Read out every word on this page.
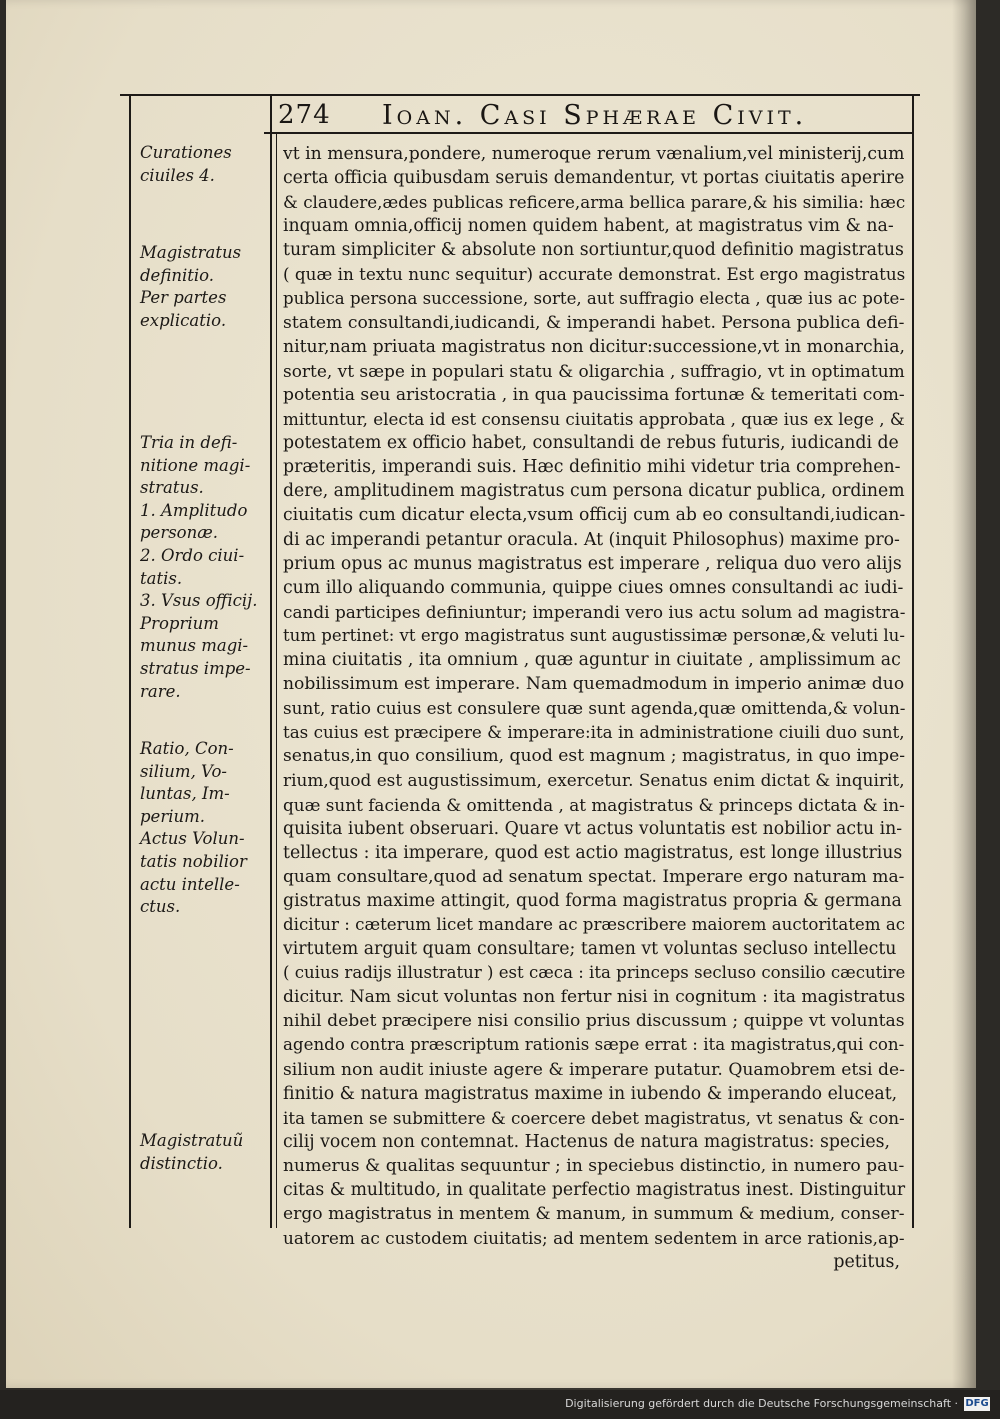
274 Ioan. Casi Sphærae Civit.
Curationes
ciuiles 4.
Magistratus
definitio.
Per partes
explicatio.
Tria in defi-
nitione magi-
stratus.
1. Amplitudo
personæ.
2. Ordo ciui-
tatis.
3. Vsus officij.
Proprium
munus magi-
stratus impe-
rare.
Ratio, Con-
silium, Vo-
luntas, Im-
perium.
Actus Volun-
tatis nobilior
actu intelle-
ctus.
Magistratuũ
distinctio.
vt in mensura,pondere, numeroque rerum vænalium,vel ministerij,cum
certa officia quibusdam seruis demandentur, vt portas ciuitatis aperire
& claudere,ædes publicas reficere,arma bellica parare,& his similia: hæc
inquam omnia,officij nomen quidem habent, at magistratus vim & na-
turam simpliciter & absolute non sortiuntur,quod definitio magistratus
( quæ in textu nunc sequitur) accurate demonstrat. Est ergo magistratus
publica persona successione, sorte, aut suffragio electa , quæ ius ac pote-
statem consultandi,iudicandi, & imperandi habet. Persona publica defi-
nitur,nam priuata magistratus non dicitur:successione,vt in monarchia,
sorte, vt sæpe in populari statu & oligarchia , suffragio, vt in optimatum
potentia seu aristocratia , in qua paucissima fortunæ & temeritati com-
mittuntur, electa id est consensu ciuitatis approbata , quæ ius ex lege , &
potestatem ex officio habet, consultandi de rebus futuris, iudicandi de
præteritis, imperandi suis. Hæc definitio mihi videtur tria comprehen-
dere, amplitudinem magistratus cum persona dicatur publica, ordinem
ciuitatis cum dicatur electa,vsum officij cum ab eo consultandi,iudican-
di ac imperandi petantur oracula. At (inquit Philosophus) maxime pro-
prium opus ac munus magistratus est imperare , reliqua duo vero alijs
cum illo aliquando communia, quippe ciues omnes consultandi ac iudi-
candi participes definiuntur; imperandi vero ius actu solum ad magistra-
tum pertinet: vt ergo magistratus sunt augustissimæ personæ,& veluti lu-
mina ciuitatis , ita omnium , quæ aguntur in ciuitate , amplissimum ac
nobilissimum est imperare. Nam quemadmodum in imperio animæ duo
sunt, ratio cuius est consulere quæ sunt agenda,quæ omittenda,& volun-
tas cuius est præcipere & imperare:ita in administratione ciuili duo sunt,
senatus,in quo consilium, quod est magnum ; magistratus, in quo impe-
rium,quod est augustissimum, exercetur. Senatus enim dictat & inquirit,
quæ sunt facienda & omittenda , at magistratus & princeps dictata & in-
quisita iubent obseruari. Quare vt actus voluntatis est nobilior actu in-
tellectus : ita imperare, quod est actio magistratus, est longe illustrius
quam consultare,quod ad senatum spectat. Imperare ergo naturam ma-
gistratus maxime attingit, quod forma magistratus propria & germana
dicitur : cæterum licet mandare ac præscribere maiorem auctoritatem ac
virtutem arguit quam consultare; tamen vt voluntas secluso intellectu
( cuius radijs illustratur ) est cæca : ita princeps secluso consilio cæcutire
dicitur. Nam sicut voluntas non fertur nisi in cognitum : ita magistratus
nihil debet præcipere nisi consilio prius discussum ; quippe vt voluntas
agendo contra præscriptum rationis sæpe errat : ita magistratus,qui con-
silium non audit iniuste agere & imperare putatur. Quamobrem etsi de-
finitio & natura magistratus maxime in iubendo & imperando eluceat,
ita tamen se submittere & coercere debet magistratus, vt senatus & con-
cilij vocem non contemnat. Hactenus de natura magistratus: species,
numerus & qualitas sequuntur ; in speciebus distinctio, in numero pau-
citas & multitudo, in qualitate perfectio magistratus inest. Distinguitur
ergo magistratus in mentem & manum, in summum & medium, conser-
uatorem ac custodem ciuitatis; ad mentem sedentem in arce rationis,ap-
petitus,
Digitalisierung gefördert durch die Deutsche Forschungsgemeinschaft · DFG
